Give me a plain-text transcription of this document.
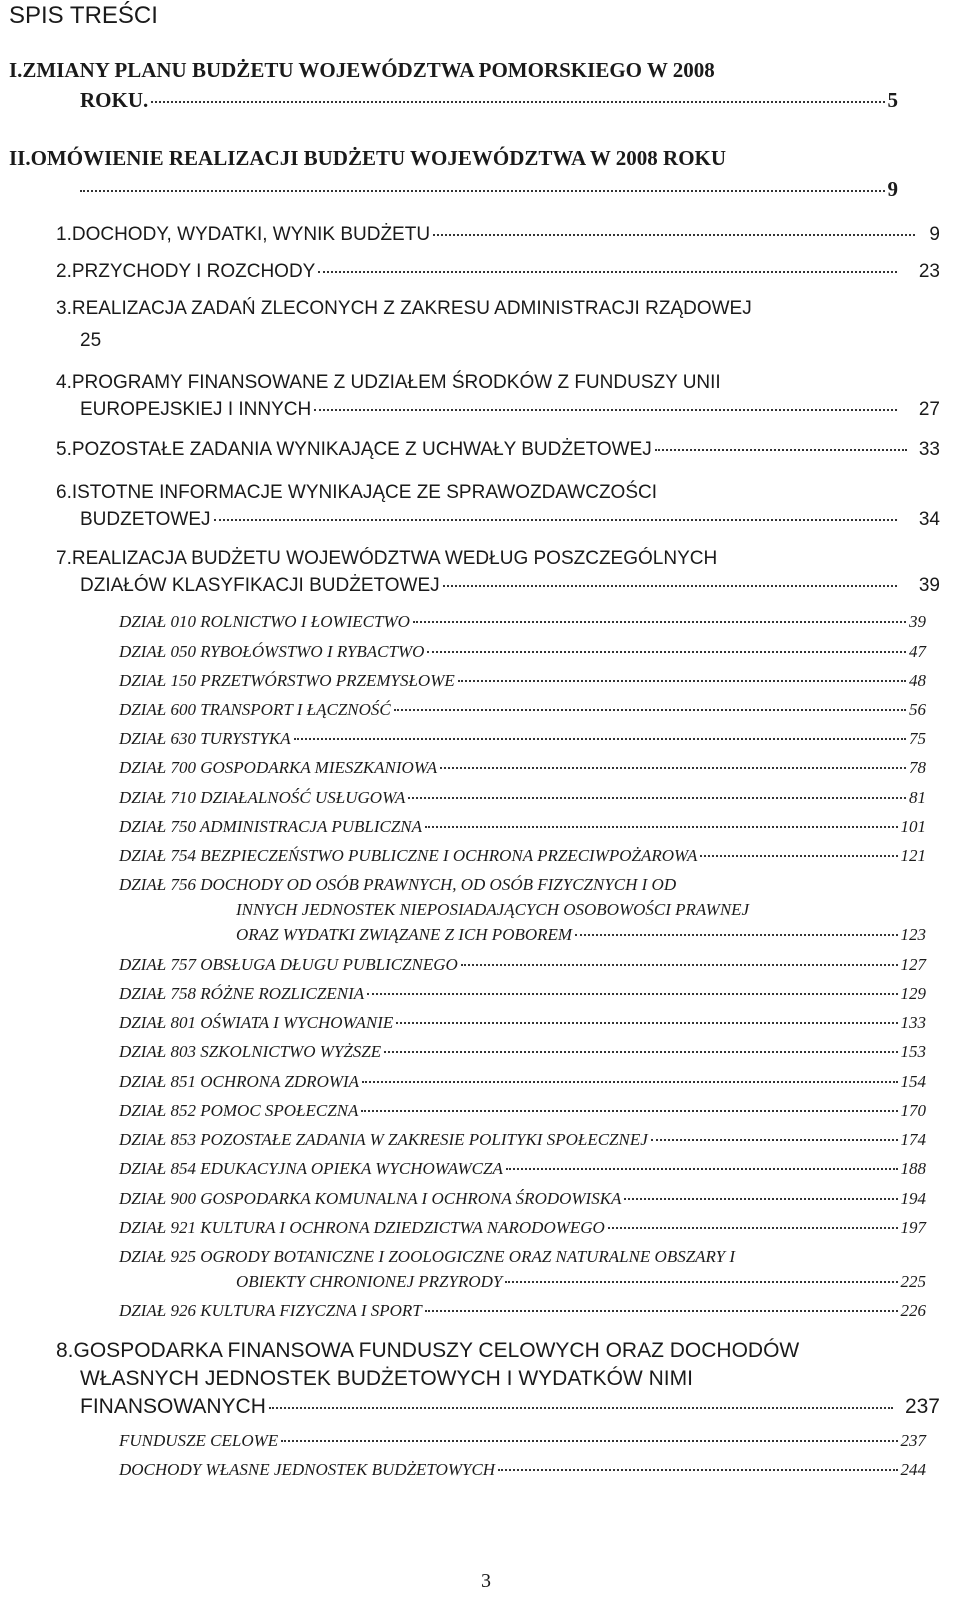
SPIS TREŚCI
I.ZMIANY PLANU BUDŻETU WOJEWÓDZTWA POMORSKIEGO W 2008
ROKU.	5
II.OMÓWIENIE REALIZACJI BUDŻETU WOJEWÓDZTWA W 2008 ROKU
9
1.DOCHODY, WYDATKI, WYNIK BUDŻETU	9
2.PRZYCHODY I ROZCHODY	23
3.REALIZACJA ZADAŃ ZLECONYCH Z ZAKRESU ADMINISTRACJI RZĄDOWEJ
25
4.PROGRAMY FINANSOWANE Z UDZIAŁEM ŚRODKÓW Z FUNDUSZY UNII
EUROPEJSKIEJ I INNYCH	27
5.POZOSTAŁE ZADANIA WYNIKAJĄCE Z UCHWAŁY BUDŻETOWEJ	33
6.ISTOTNE INFORMACJE WYNIKAJĄCE ZE SPRAWOZDAWCZOŚCI
BUDZETOWEJ	34
7.REALIZACJA BUDŻETU WOJEWÓDZTWA WEDŁUG POSZCZEGÓLNYCH
DZIAŁÓW KLASYFIKACJI BUDŻETOWEJ	39
DZIAŁ 010 ROLNICTWO I ŁOWIECTWO	39
DZIAŁ 050 RYBOŁÓWSTWO I RYBACTWO	47
DZIAŁ 150 PRZETWÓRSTWO PRZEMYSŁOWE	48
DZIAŁ 600 TRANSPORT I ŁĄCZNOŚĆ	56
DZIAŁ 630 TURYSTYKA	75
DZIAŁ 700 GOSPODARKA MIESZKANIOWA	78
DZIAŁ 710 DZIAŁALNOŚĆ USŁUGOWA	81
DZIAŁ 750 ADMINISTRACJA PUBLICZNA	101
DZIAŁ 754 BEZPIECZEŃSTWO PUBLICZNE I OCHRONA PRZECIWPOŻAROWA	121
DZIAŁ 756 DOCHODY OD OSÓB PRAWNYCH, OD OSÓB FIZYCZNYCH I OD
INNYCH JEDNOSTEK NIEPOSIADAJĄCYCH OSOBOWOŚCI PRAWNEJ
ORAZ WYDATKI ZWIĄZANE Z ICH POBOREM	123
DZIAŁ 757 OBSŁUGA DŁUGU PUBLICZNEGO	127
DZIAŁ 758 RÓŻNE ROZLICZENIA	129
DZIAŁ 801 OŚWIATA I WYCHOWANIE	133
DZIAŁ 803 SZKOLNICTWO WYŻSZE	153
DZIAŁ 851 OCHRONA ZDROWIA	154
DZIAŁ 852 POMOC SPOŁECZNA	170
DZIAŁ 853 POZOSTAŁE ZADANIA W ZAKRESIE POLITYKI SPOŁECZNEJ	174
DZIAŁ 854 EDUKACYJNA OPIEKA WYCHOWAWCZA	188
DZIAŁ 900 GOSPODARKA KOMUNALNA I OCHRONA ŚRODOWISKA	194
DZIAŁ 921 KULTURA I OCHRONA DZIEDZICTWA NARODOWEGO	197
DZIAŁ 925 OGRODY BOTANICZNE I ZOOLOGICZNE ORAZ NATURALNE OBSZARY I
OBIEKTY CHRONIONEJ PRZYRODY	225
DZIAŁ 926 KULTURA FIZYCZNA I SPORT	226
8.GOSPODARKA FINANSOWA FUNDUSZY CELOWYCH ORAZ DOCHODÓW
WŁASNYCH JEDNOSTEK BUDŻETOWYCH I WYDATKÓW NIMI
FINANSOWANYCH	237
FUNDUSZE CELOWE	237
DOCHODY WŁASNE JEDNOSTEK BUDŻETOWYCH	244
3
